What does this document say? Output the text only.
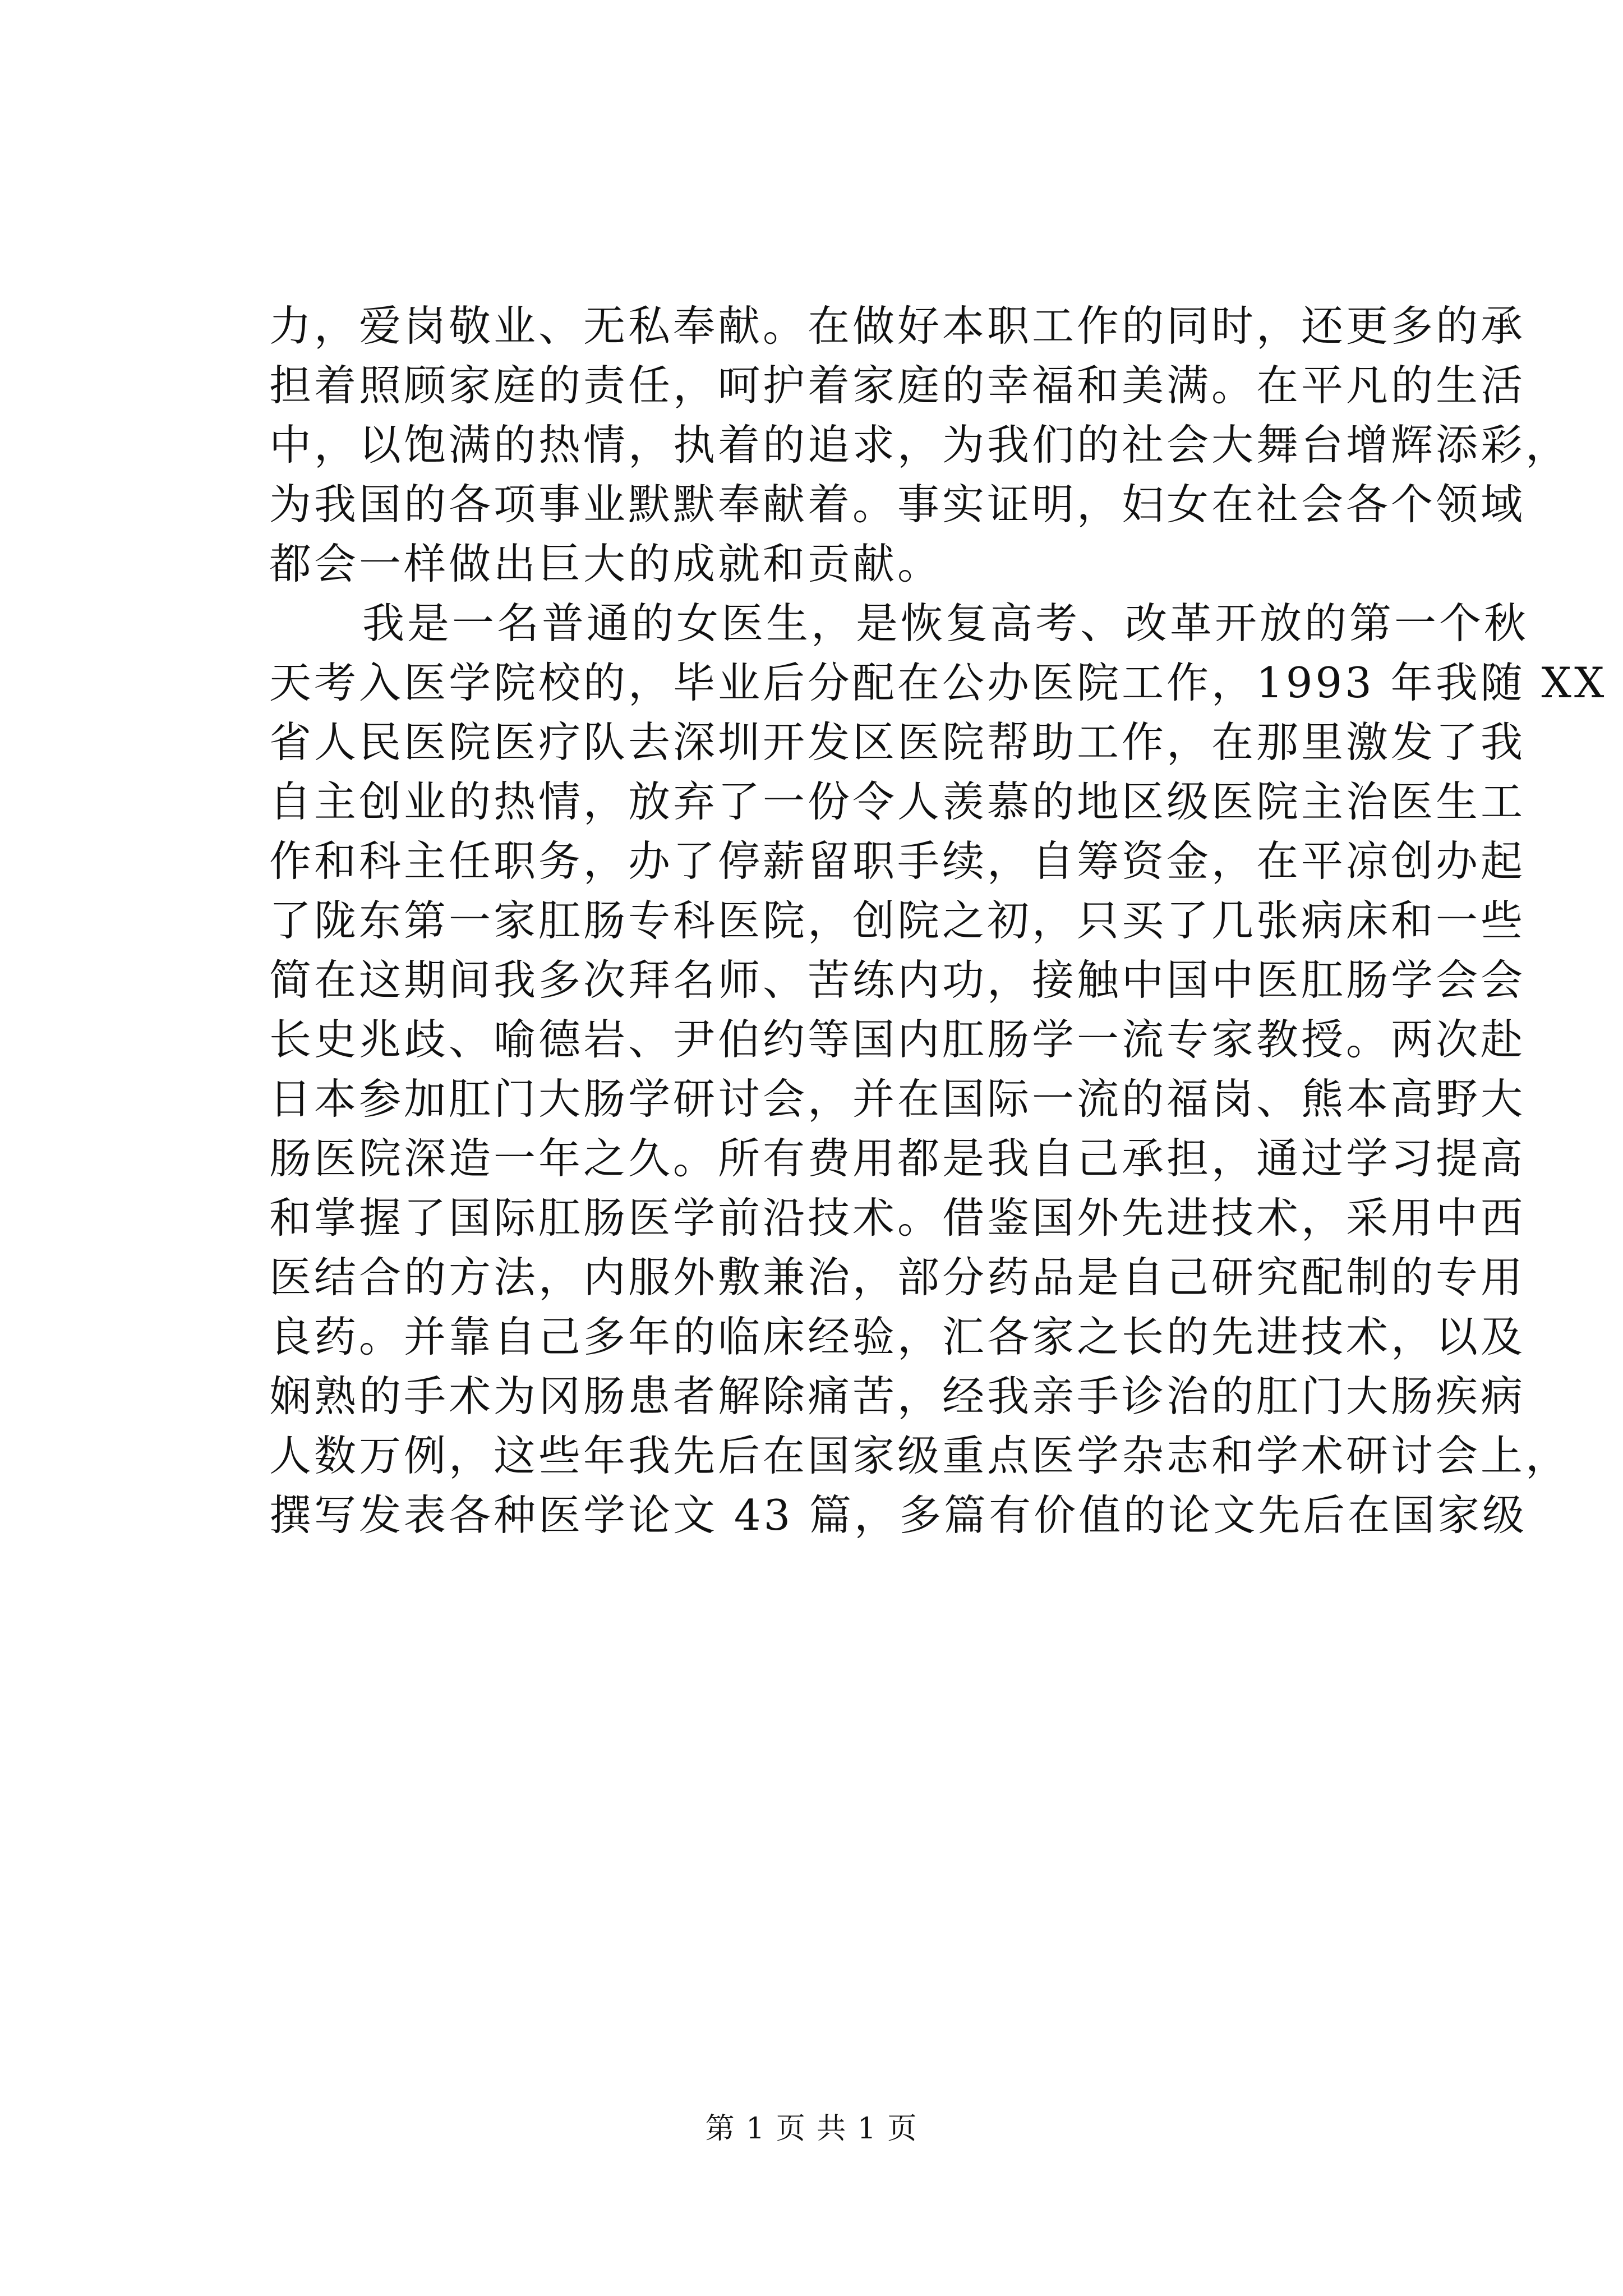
力，爱岗敬业、无私奉献。在做好本职工作的同时，还更多的承
担着照顾家庭的责任，呵护着家庭的幸福和美满。在平凡的生活
中，以饱满的热情，执着的追求，为我们的社会大舞台增辉添彩，
为我国的各项事业默默奉献着。事实证明，妇女在社会各个领域
都会一样做出巨大的成就和贡献。
我是一名普通的女医生，是恢复高考、改革开放的第一个秋
天考入医学院校的，毕业后分配在公办医院工作，1993 年我随 XX
省人民医院医疗队去深圳开发区医院帮助工作，在那里激发了我
自主创业的热情，放弃了一份令人羡慕的地区级医院主治医生工
作和科主任职务，办了停薪留职手续，自筹资金，在平凉创办起
了陇东第一家肛肠专科医院，创院之初，只买了几张病床和一些
简在这期间我多次拜名师、苦练内功，接触中国中医肛肠学会会
长史兆歧、喻德岩、尹伯约等国内肛肠学一流专家教授。两次赴
日本参加肛门大肠学研讨会，并在国际一流的福岗、熊本高野大
肠医院深造一年之久。所有费用都是我自己承担，通过学习提高
和掌握了国际肛肠医学前沿技术。借鉴国外先进技术，采用中西
医结合的方法，内服外敷兼治，部分药品是自己研究配制的专用
良药。并靠自己多年的临床经验，汇各家之长的先进技术，以及
娴熟的手术为冈肠患者解除痛苦，经我亲手诊治的肛门大肠疾病
人数万例，这些年我先后在国家级重点医学杂志和学术研讨会上，
撰写发表各种医学论文 43 篇，多篇有价值的论文先后在国家级
第 1 页 共 1 页
